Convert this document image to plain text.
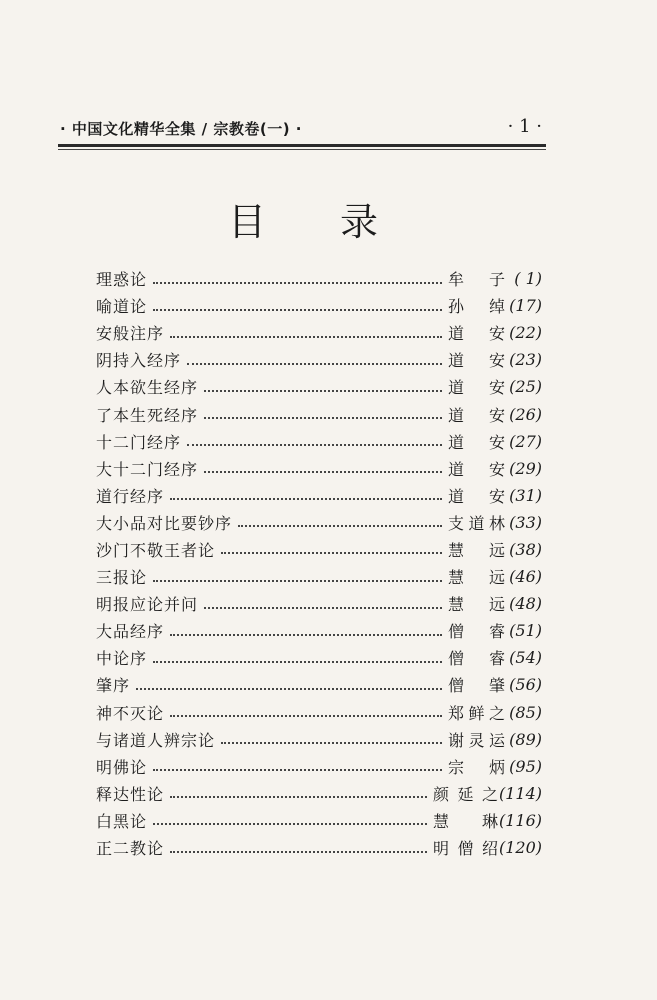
· 中国文化精华全集 / 宗教卷(一) ·	· 1 ·
目 录
理惑论	牟 子 ( 1)
喻道论	孙 绰 (17)
安般注序	道 安 (22)
阴持入经序	道 安 (23)
人本欲生经序	道 安 (25)
了本生死经序	道 安 (26)
十二门经序	道 安 (27)
大十二门经序	道 安 (29)
道行经序	道 安 (31)
大小品对比要钞序	支道林 (33)
沙门不敬王者论	慧 远 (38)
三报论	慧 远 (46)
明报应论并问	慧 远 (48)
大品经序	僧 睿 (51)
中论序	僧 睿 (54)
肇序	僧 肇 (56)
神不灭论	郑鲜之 (85)
与诸道人辨宗论	谢灵运 (89)
明佛论	宗 炳 (95)
释达性论	颜延之 (114)
白黑论	慧 琳 (116)
正二教论	明僧绍 (120)
